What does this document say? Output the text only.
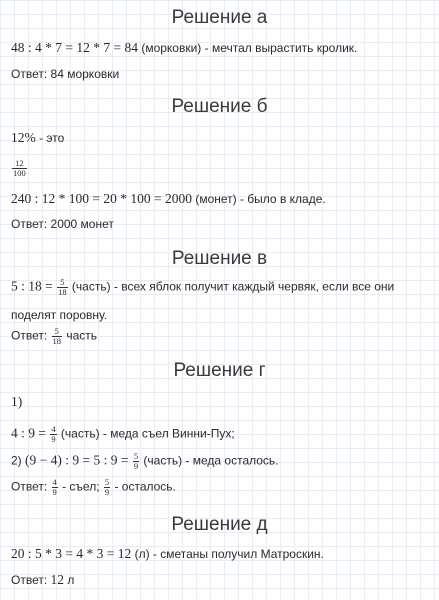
Решение а
48 : 4 * 7 = 12 * 7 = 84 (морковки) - мечтал вырастить кролик.
Ответ: 84 морковки
Решение б
12% - это
$\frac{12}{100}$
240 : 12 * 100 = 20 * 100 = 2000 (монет) - было в кладе.
Ответ: 2000 монет
Решение в
5 : $18 = \frac{5}{18}$ (часть) - всех яблок получит каждый червяк, если все они
поделят поровну.
Ответ: $\frac{5}{18}$ часть
Решение г
1)
4 : $9 = \frac{4}{9}$ (часть) - меда съел Винни-Пух;
2) (9 − 4) : 9 = 5 : $9 = \frac{5}{9}$ (часть) - меда осталось.
Ответ: $\frac{4}{9}$ - съел; $\frac{5}{9}$ - осталось.
Решение д
20 : 5 * 3 = 4 * 3 = 12 (л) - сметаны получил Матроскин.
Ответ: 12 л
